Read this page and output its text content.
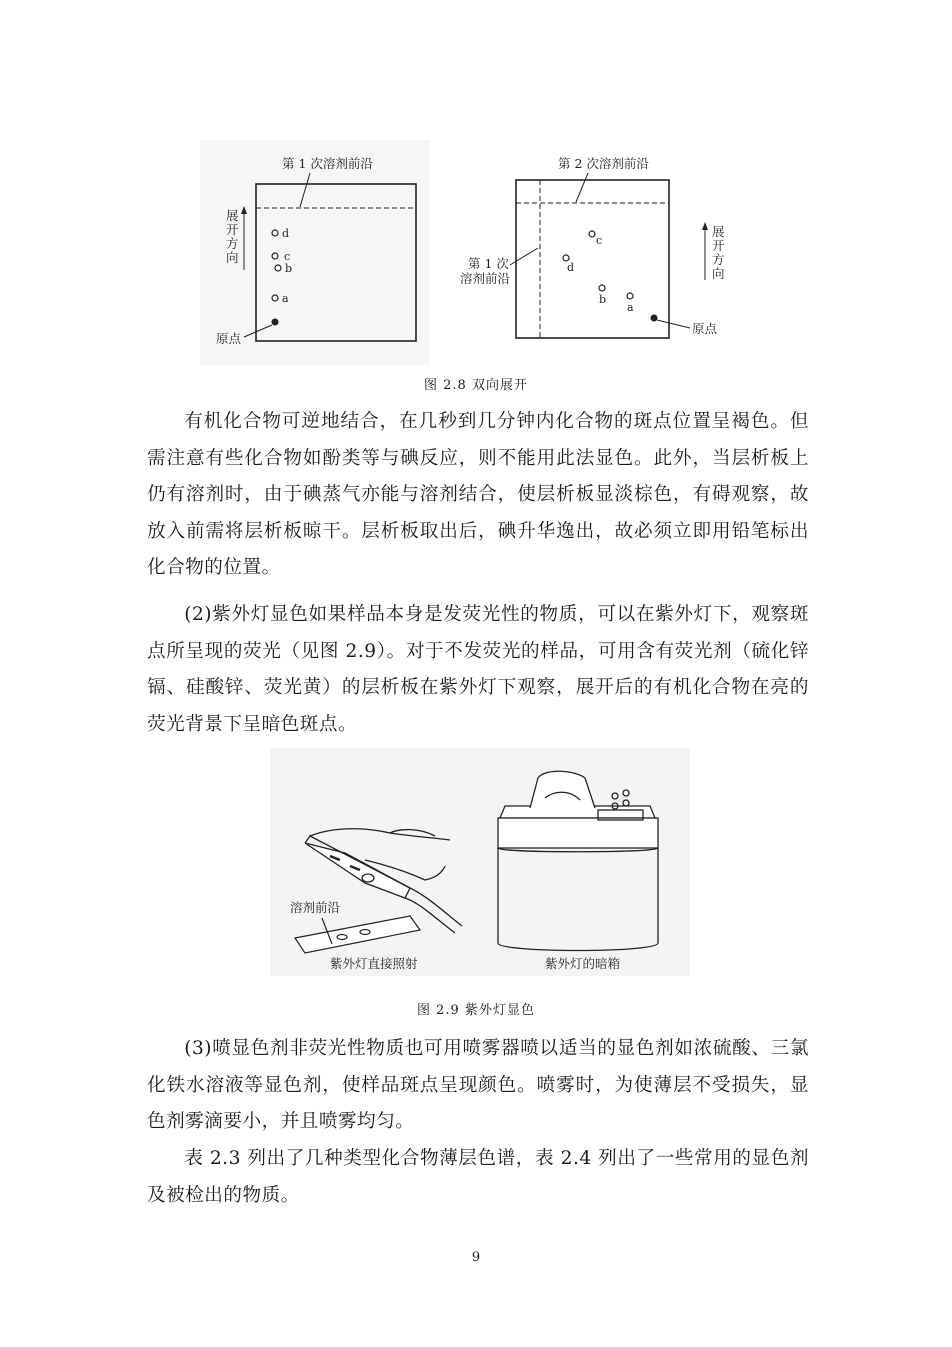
第 1 次溶剂前沿
展
开
方
向
d
c
b
a
原点
第 2 次溶剂前沿
第 1 次
溶剂前沿
c
d
b
a
原点
展
开
方
向
图 2.8 双向展开

有机化合物可逆地结合，在几秒到几分钟内化合物的斑点位置呈褐色。但需注意有些化合物如酚类等与碘反应，则不能用此法显色。此外，当层析板上仍有溶剂时，由于碘蒸气亦能与溶剂结合，使层析板显淡棕色，有碍观察，故放入前需将层析板晾干。层析板取出后，碘升华逸出，故必须立即用铅笔标出化合物的位置。

(2)紫外灯显色如果样品本身是发荧光性的物质，可以在紫外灯下，观察斑点所呈现的荧光（见图 2.9）。对于不发荧光的样品，可用含有荧光剂（硫化锌镉、硅酸锌、荧光黄）的层析板在紫外灯下观察，展开后的有机化合物在亮的荧光背景下呈暗色斑点。

溶剂前沿
紫外灯直接照射	紫外灯的暗箱
图 2.9 紫外灯显色

(3)喷显色剂非荧光性物质也可用喷雾器喷以适当的显色剂如浓硫酸、三氯化铁水溶液等显色剂，使样品斑点呈现颜色。喷雾时，为使薄层不受损失，显色剂雾滴要小，并且喷雾均匀。

表 2.3 列出了几种类型化合物薄层色谱，表 2.4 列出了一些常用的显色剂及被检出的物质。

9
